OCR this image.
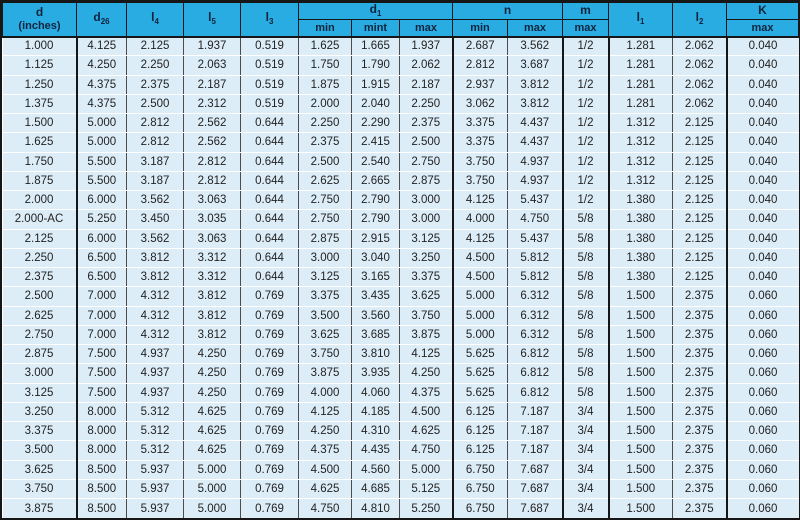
d
(inches)	$d_{26}$	$l_4$	$l_5$	$l_3$	$d_1$			n		m	$l_1$	$l_2$	K
					min	mint	max	min	max	max			max
1.000	4.125	2.125	1.937	0.519	1.625	1.665	1.937	2.687	3.562	1/2	1.281	2.062	0.040
1.125	4.250	2.250	2.063	0.519	1.750	1.790	2.062	2.812	3.687	1/2	1.281	2.062	0.040
1.250	4.375	2.375	2.187	0.519	1.875	1.915	2.187	2.937	3.812	1/2	1.281	2.062	0.040
1.375	4.375	2.500	2.312	0.519	2.000	2.040	2.250	3.062	3.812	1/2	1.281	2.062	0.040
1.500	5.000	2.812	2.562	0.644	2.250	2.290	2.375	3.375	4.437	1/2	1.312	2.125	0.040
1.625	5.000	2.812	2.562	0.644	2.375	2.415	2.500	3.375	4.437	1/2	1.312	2.125	0.040
1.750	5.500	3.187	2.812	0.644	2.500	2.540	2.750	3.750	4.937	1/2	1.312	2.125	0.040
1.875	5.500	3.187	2.812	0.644	2.625	2.665	2.875	3.750	4.937	1/2	1.312	2.125	0.040
2.000	6.000	3.562	3.063	0.644	2.750	2.790	3.000	4.125	5.437	1/2	1.380	2.125	0.040
2.000-AC	5.250	3.450	3.035	0.644	2.750	2.790	3.000	4.000	4.750	5/8	1.380	2.125	0.040
2.125	6.000	3.562	3.063	0.644	2.875	2.915	3.125	4.125	5.437	5/8	1.380	2.125	0.040
2.250	6.500	3.812	3.312	0.644	3.000	3.040	3.250	4.500	5.812	5/8	1.380	2.125	0.040
2.375	6.500	3.812	3.312	0.644	3.125	3.165	3.375	4.500	5.812	5/8	1.380	2.125	0.040
2.500	7.000	4.312	3.812	0.769	3.375	3.435	3.625	5.000	6.312	5/8	1.500	2.375	0.060
2.625	7.000	4.312	3.812	0.769	3.500	3.560	3.750	5.000	6.312	5/8	1.500	2.375	0.060
2.750	7.000	4.312	3.812	0.769	3.625	3.685	3.875	5.000	6.312	5/8	1.500	2.375	0.060
2.875	7.500	4.937	4.250	0.769	3.750	3.810	4.125	5.625	6.812	5/8	1.500	2.375	0.060
3.000	7.500	4.937	4.250	0.769	3.875	3.935	4.250	5.625	6.812	5/8	1.500	2.375	0.060
3.125	7.500	4.937	4.250	0.769	4.000	4.060	4.375	5.625	6.812	5/8	1.500	2.375	0.060
3.250	8.000	5.312	4.625	0.769	4.125	4.185	4.500	6.125	7.187	3/4	1.500	2.375	0.060
3.375	8.000	5.312	4.625	0.769	4.250	4.310	4.625	6.125	7.187	3/4	1.500	2.375	0.060
3.500	8.000	5.312	4.625	0.769	4.375	4.435	4.750	6.125	7.187	3/4	1.500	2.375	0.060
3.625	8.500	5.937	5.000	0.769	4.500	4.560	5.000	6.750	7.687	3/4	1.500	2.375	0.060
3.750	8.500	5.937	5.000	0.769	4.625	4.685	5.125	6.750	7.687	3/4	1.500	2.375	0.060
3.875	8.500	5.937	5.000	0.769	4.750	4.810	5.250	6.750	7.687	3/4	1.500	2.375	0.060
